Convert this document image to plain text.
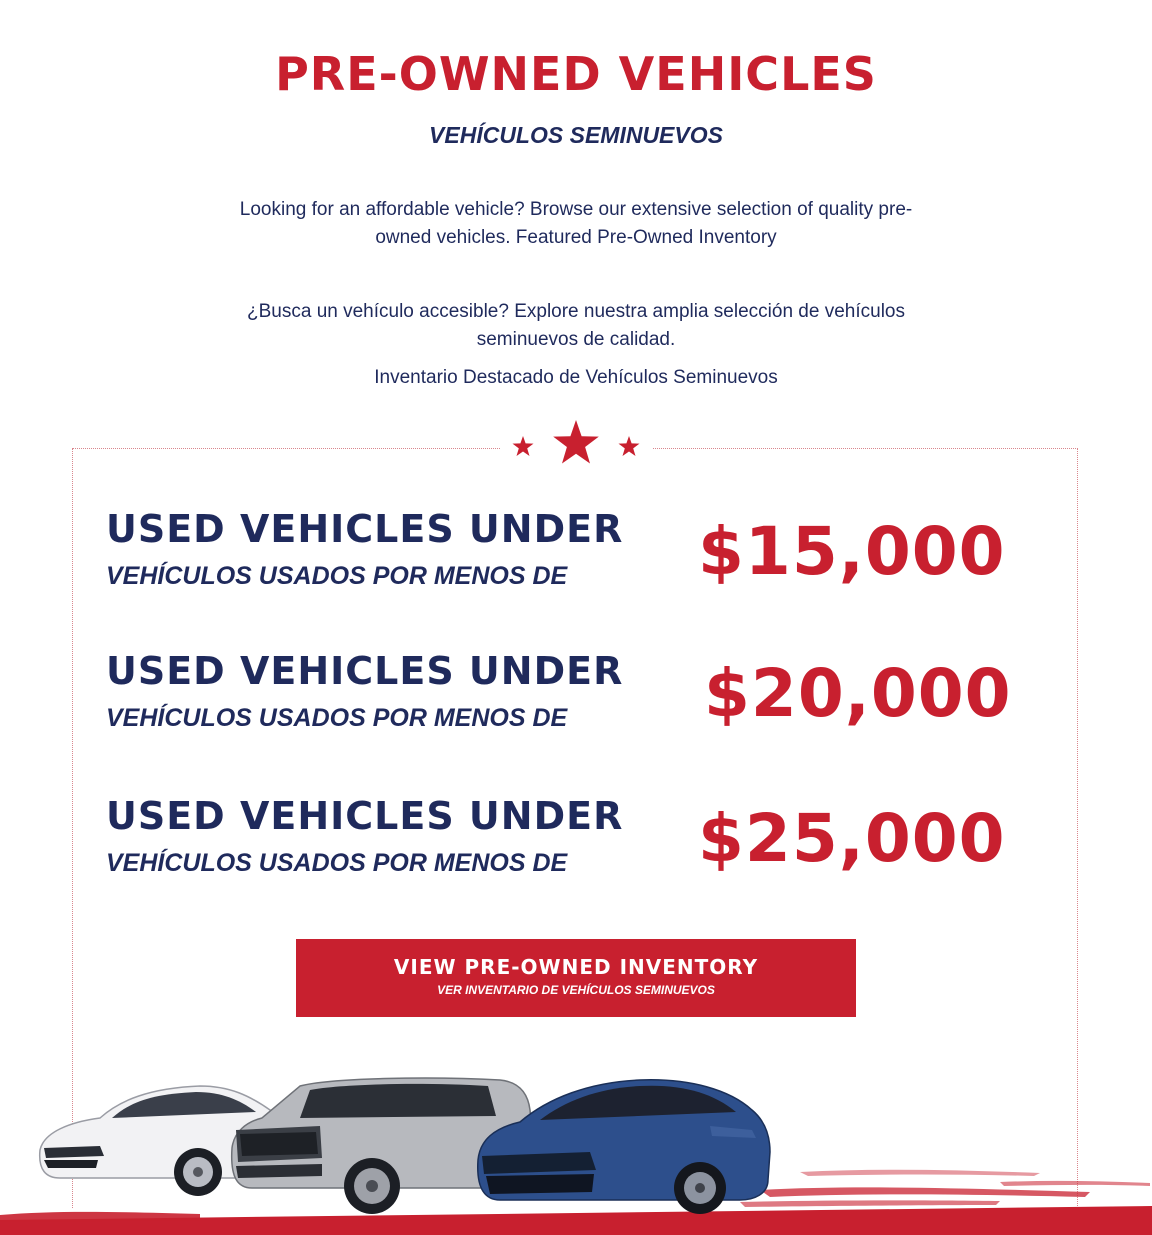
PRE-OWNED VEHICLES
VEHÍCULOS SEMINUEVOS

Looking for an affordable vehicle? Browse our extensive selection of quality pre-owned vehicles. Featured Pre-Owned Inventory

¿Busca un vehículo accesible? Explore nuestra amplia selección de vehículos seminuevos de calidad.

Inventario Destacado de Vehículos Seminuevos

USED VEHICLES UNDER
VEHÍCULOS USADOS POR MENOS DE $15,000
USED VEHICLES UNDER
VEHÍCULOS USADOS POR MENOS DE $20,000
USED VEHICLES UNDER
VEHÍCULOS USADOS POR MENOS DE $25,000
VIEW PRE-OWNED INVENTORY
VER INVENTARIO DE VEHÍCULOS SEMINUEVOS
